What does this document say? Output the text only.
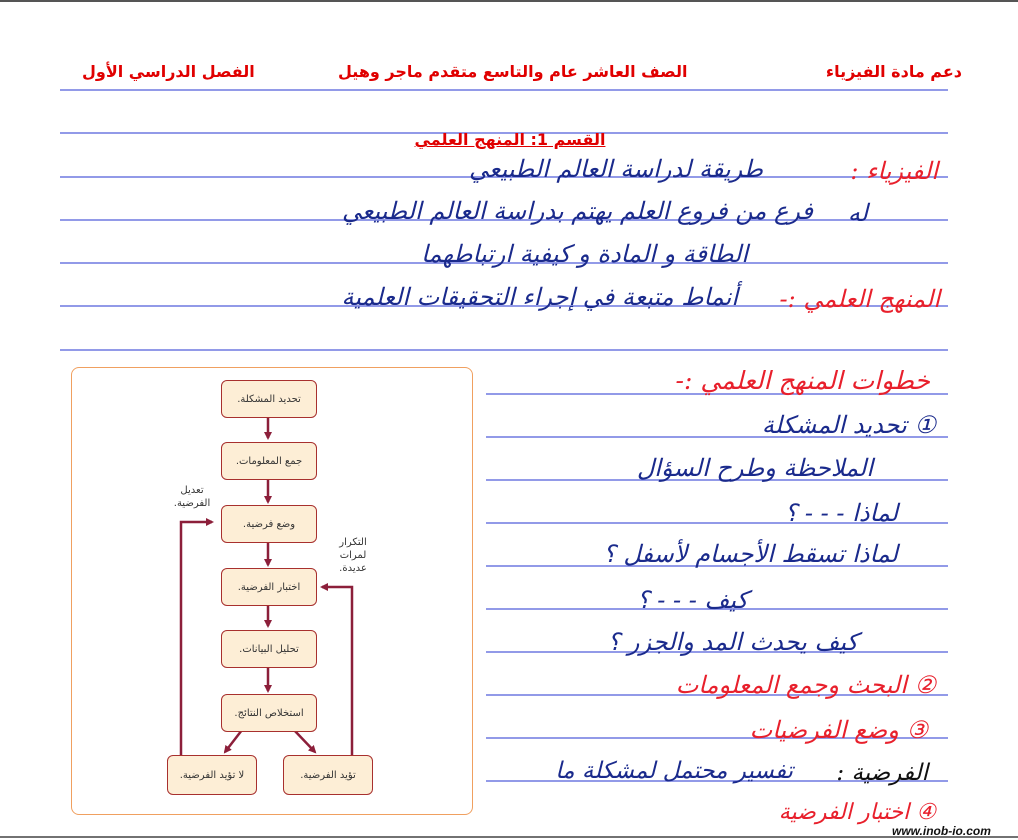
دعم مادة الفيزياء
الصف العاشر عام والتاسع متقدم ماجر وهيل
الفصل الدراسي الأول
القسم 1: المنهج العلمي
الفيزياء :
طريقة لدراسة العالم الطبيعي
له
فرع من فروع العلم يهتم بدراسة العالم الطبيعي
الطاقة و المادة و كيفية ارتباطهما
المنهج العلمي :-
أنماط متبعة في إجراء التحقيقات العلمية
خطوات المنهج العلمي :-
① تحديد المشكلة
الملاحظة وطرح السؤال
لماذا - - - ؟
لماذا تسقط الأجسام لأسفل ؟
كيف - - - ؟
كيف يحدث المد والجزر ؟
② البحث وجمع المعلومات
③ وضع الفرضيات
الفرضية :
تفسير محتمل لمشكلة ما
④ اختبار الفرضية
تحديد المشكلة.
جمع المعلومات.
وضع فرضية.
اختبار الفرضية.
تحليل البيانات.
استخلاص النتائج.
لا تؤيد الفرضية.	تؤيد الفرضية.
تعديل الفرضية.
التكرار لمرات عديدة.
www.inob-io.com
